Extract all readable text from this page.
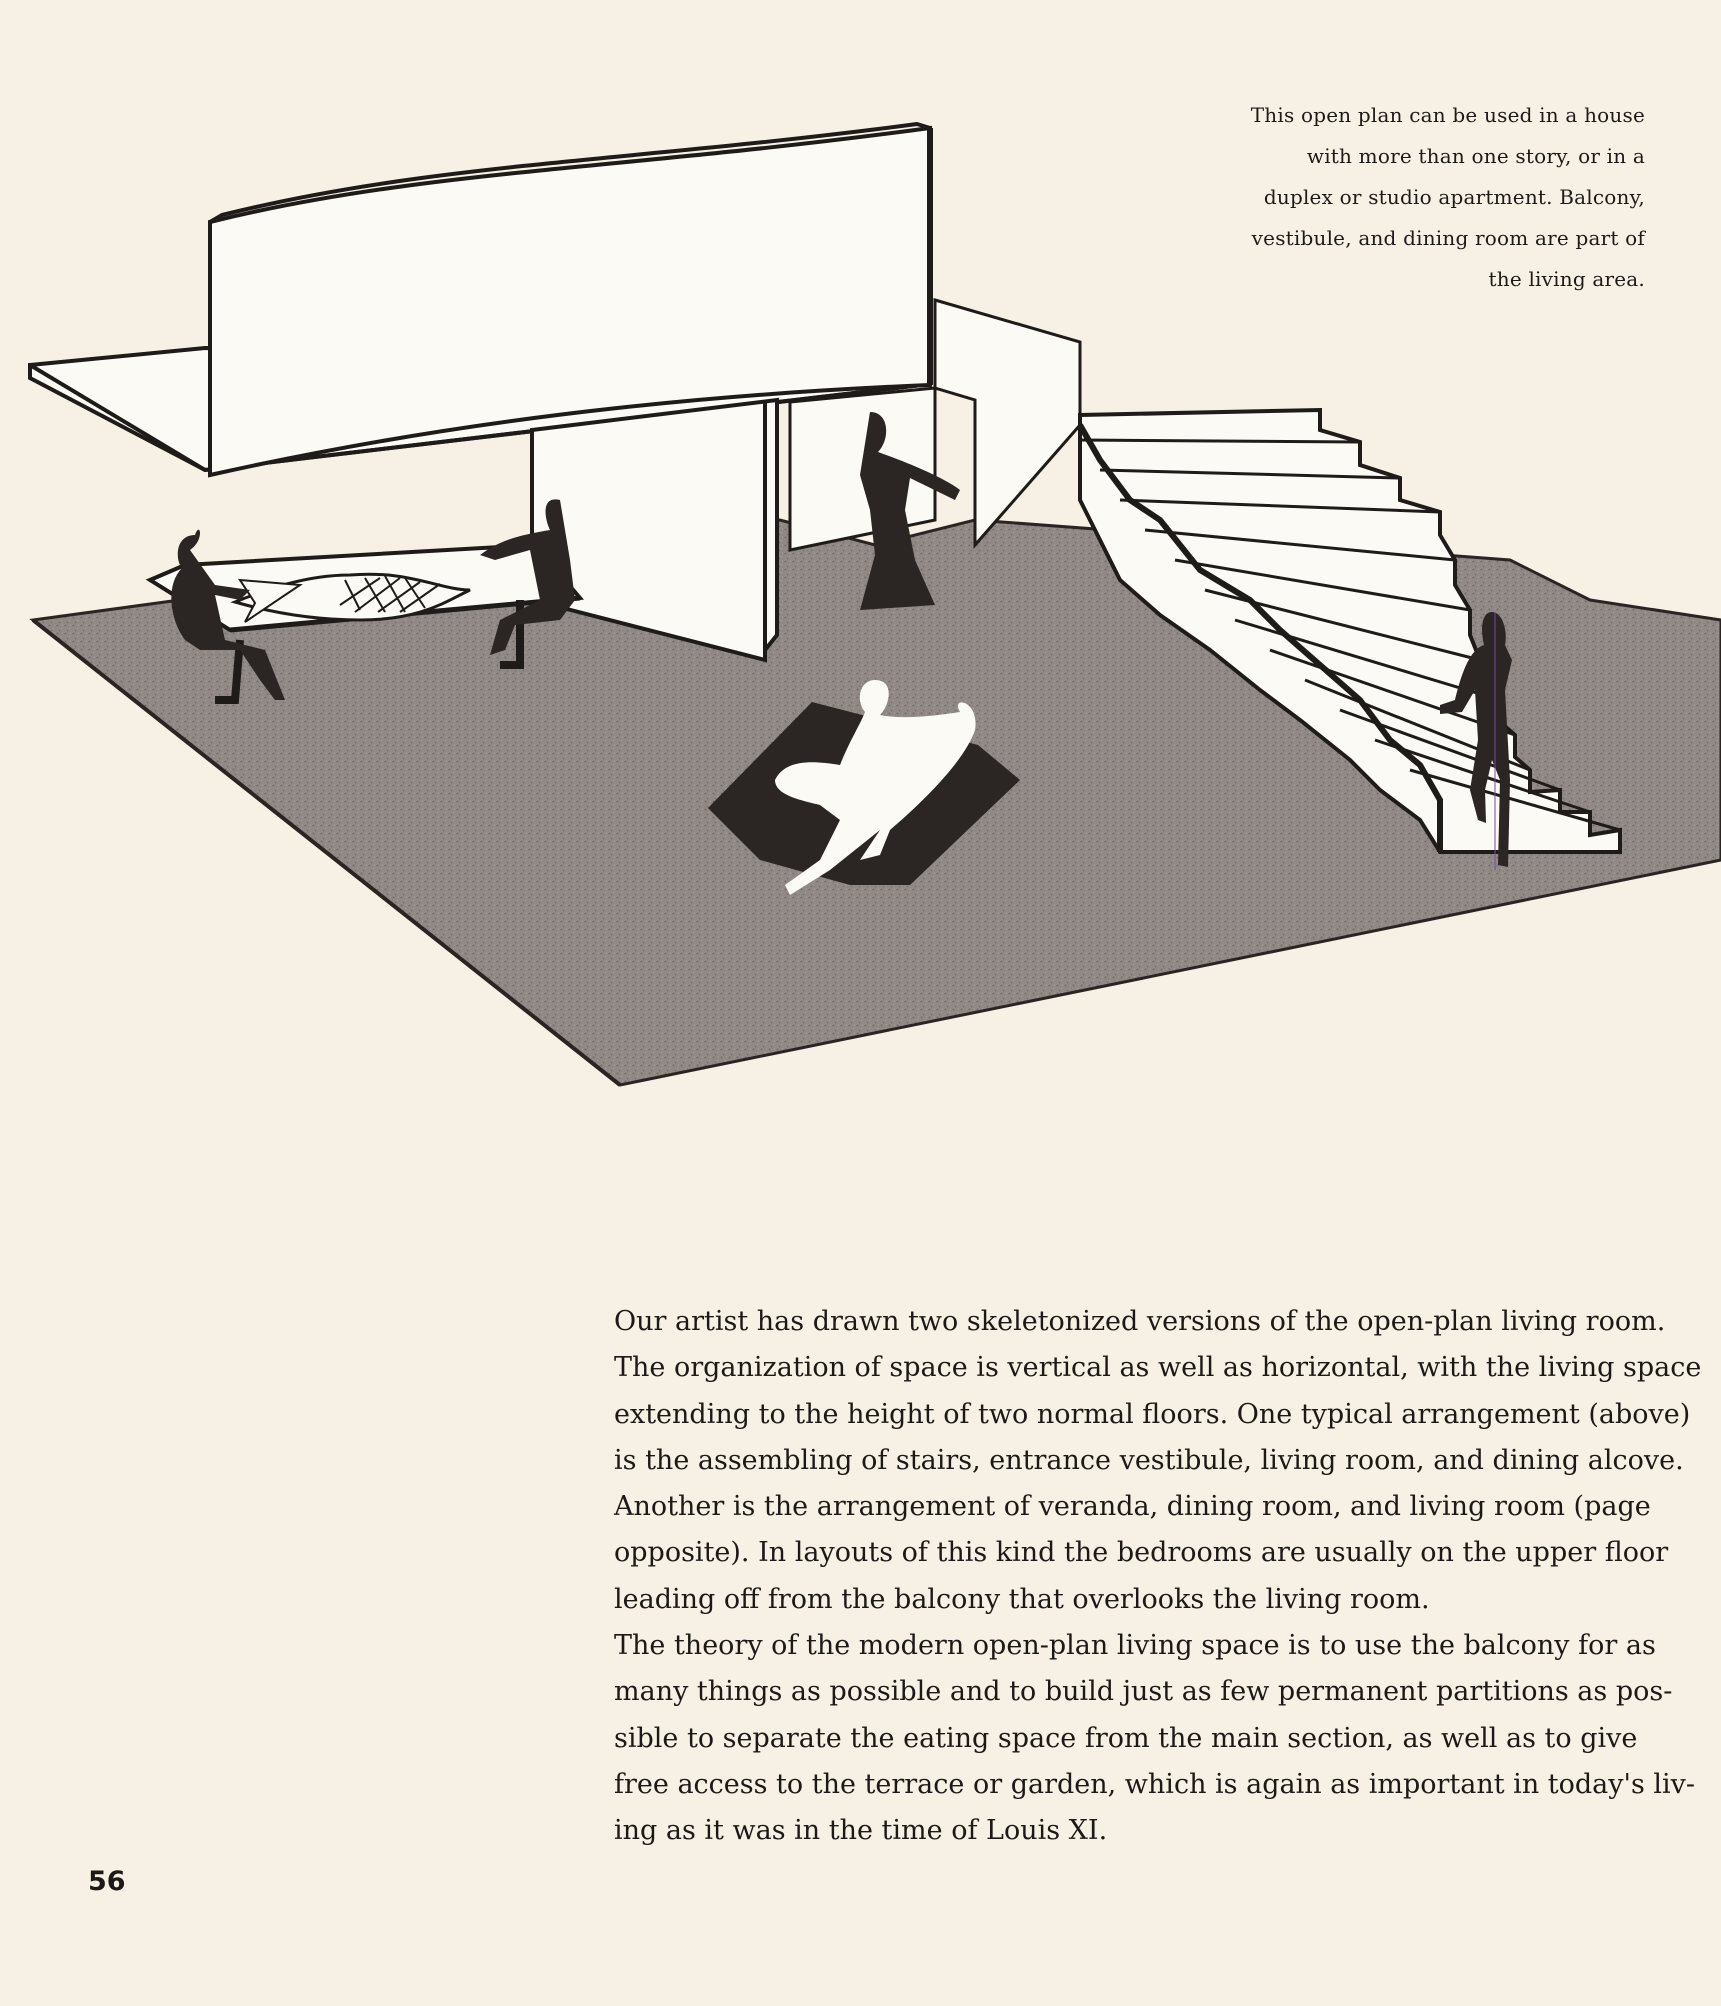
This open plan can be used in a house
with more than one story, or in a
duplex or studio apartment. Balcony,
vestibule, and dining room are part of
the living area.
Our artist has drawn two skeletonized versions of the open-plan living room.
The organization of space is vertical as well as horizontal, with the living space
extending to the height of two normal floors. One typical arrangement (above)
is the assembling of stairs, entrance vestibule, living room, and dining alcove.
Another is the arrangement of veranda, dining room, and living room (page
opposite). In layouts of this kind the bedrooms are usually on the upper floor
leading off from the balcony that overlooks the living room.
The theory of the modern open-plan living space is to use the balcony for as
many things as possible and to build just as few permanent partitions as pos-
sible to separate the eating space from the main section, as well as to give
free access to the terrace or garden, which is again as important in today's liv-
ing as it was in the time of Louis XI.
56
